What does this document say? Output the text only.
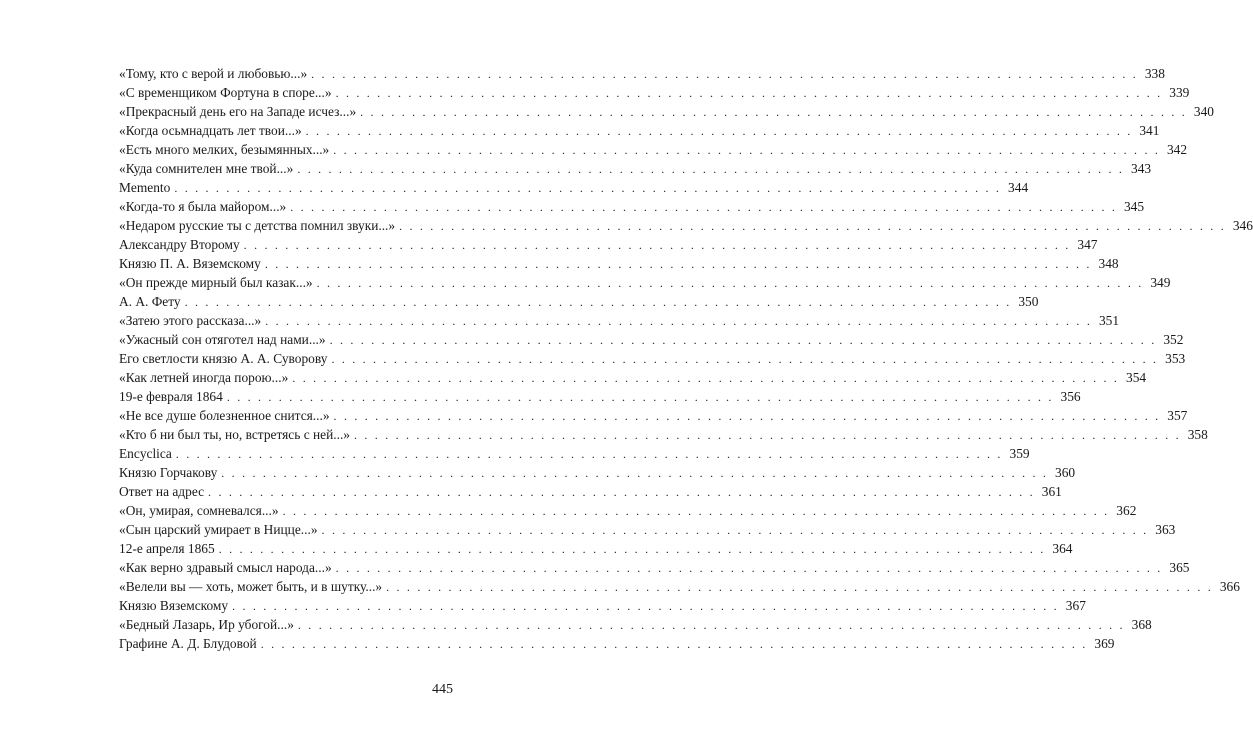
«Тому, кто с верой и любовью...» . . . . . . . . . . . . . . . . . . . . . . . . . . . . . . . . . . . . . . . . . . . . . . . . . . . . . . . . . . . . . . . . . . . . . . . . . . . . . . . . 338
«С временщиком Фортуна в споре...» . . . . . . . . . . . . . . . . . . . . . . . . . . . . . . . . . . . . . . . . . . . . . . . . . . . . . . . . . . . . . . . . . . . . . . . . . . . . . . . . 339
«Прекрасный день его на Западе исчез...» . . . . . . . . . . . . . . . . . . . . . . . . . . . . . . . . . . . . . . . . . . . . . . . . . . . . . . . . . . . . . . . . . . . . . . . . . . . . . . . . 340
«Когда осьмнадцать лет твои...» . . . . . . . . . . . . . . . . . . . . . . . . . . . . . . . . . . . . . . . . . . . . . . . . . . . . . . . . . . . . . . . . . . . . . . . . . . . . . . . . 341
«Есть много мелких, безымянных...» . . . . . . . . . . . . . . . . . . . . . . . . . . . . . . . . . . . . . . . . . . . . . . . . . . . . . . . . . . . . . . . . . . . . . . . . . . . . . . . . 342
«Куда сомнителен мне твой...» . . . . . . . . . . . . . . . . . . . . . . . . . . . . . . . . . . . . . . . . . . . . . . . . . . . . . . . . . . . . . . . . . . . . . . . . . . . . . . . . 343
Memento . . . . . . . . . . . . . . . . . . . . . . . . . . . . . . . . . . . . . . . . . . . . . . . . . . . . . . . . . . . . . . . . . . . . . . . . . . . . . . . . 344
«Когда-то я была майором...» . . . . . . . . . . . . . . . . . . . . . . . . . . . . . . . . . . . . . . . . . . . . . . . . . . . . . . . . . . . . . . . . . . . . . . . . . . . . . . . . 345
«Недаром русские ты с детства помнил звуки...» . . . . . . . . . . . . . . . . . . . . . . . . . . . . . . . . . . . . . . . . . . . . . . . . . . . . . . . . . . . . . . . . . . . . . . . . . . . . . . . . 346
Александру Второму . . . . . . . . . . . . . . . . . . . . . . . . . . . . . . . . . . . . . . . . . . . . . . . . . . . . . . . . . . . . . . . . . . . . . . . . . . . . . . . . 347
Князю П. А. Вяземскому . . . . . . . . . . . . . . . . . . . . . . . . . . . . . . . . . . . . . . . . . . . . . . . . . . . . . . . . . . . . . . . . . . . . . . . . . . . . . . . . 348
«Он прежде мирный был казак...» . . . . . . . . . . . . . . . . . . . . . . . . . . . . . . . . . . . . . . . . . . . . . . . . . . . . . . . . . . . . . . . . . . . . . . . . . . . . . . . . 349
А. А. Фету . . . . . . . . . . . . . . . . . . . . . . . . . . . . . . . . . . . . . . . . . . . . . . . . . . . . . . . . . . . . . . . . . . . . . . . . . . . . . . . . 350
«Затею этого рассказа...» . . . . . . . . . . . . . . . . . . . . . . . . . . . . . . . . . . . . . . . . . . . . . . . . . . . . . . . . . . . . . . . . . . . . . . . . . . . . . . . . 351
«Ужасный сон отяготел над нами...» . . . . . . . . . . . . . . . . . . . . . . . . . . . . . . . . . . . . . . . . . . . . . . . . . . . . . . . . . . . . . . . . . . . . . . . . . . . . . . . . 352
Его светлости князю А. А. Суворову . . . . . . . . . . . . . . . . . . . . . . . . . . . . . . . . . . . . . . . . . . . . . . . . . . . . . . . . . . . . . . . . . . . . . . . . . . . . . . . . 353
«Как летней иногда порою...» . . . . . . . . . . . . . . . . . . . . . . . . . . . . . . . . . . . . . . . . . . . . . . . . . . . . . . . . . . . . . . . . . . . . . . . . . . . . . . . . 354
19-е февраля 1864 . . . . . . . . . . . . . . . . . . . . . . . . . . . . . . . . . . . . . . . . . . . . . . . . . . . . . . . . . . . . . . . . . . . . . . . . . . . . . . . . 356
«Не все душе болезненное снится...» . . . . . . . . . . . . . . . . . . . . . . . . . . . . . . . . . . . . . . . . . . . . . . . . . . . . . . . . . . . . . . . . . . . . . . . . . . . . . . . . 357
«Кто б ни был ты, но, встретясь с ней...» . . . . . . . . . . . . . . . . . . . . . . . . . . . . . . . . . . . . . . . . . . . . . . . . . . . . . . . . . . . . . . . . . . . . . . . . . . . . . . . . 358
Encyclica . . . . . . . . . . . . . . . . . . . . . . . . . . . . . . . . . . . . . . . . . . . . . . . . . . . . . . . . . . . . . . . . . . . . . . . . . . . . . . . . 359
Князю Горчакову . . . . . . . . . . . . . . . . . . . . . . . . . . . . . . . . . . . . . . . . . . . . . . . . . . . . . . . . . . . . . . . . . . . . . . . . . . . . . . . . 360
Ответ на адрес . . . . . . . . . . . . . . . . . . . . . . . . . . . . . . . . . . . . . . . . . . . . . . . . . . . . . . . . . . . . . . . . . . . . . . . . . . . . . . . . 361
«Он, умирая, сомневался...» . . . . . . . . . . . . . . . . . . . . . . . . . . . . . . . . . . . . . . . . . . . . . . . . . . . . . . . . . . . . . . . . . . . . . . . . . . . . . . . . 362
«Сын царский умирает в Ницце...» . . . . . . . . . . . . . . . . . . . . . . . . . . . . . . . . . . . . . . . . . . . . . . . . . . . . . . . . . . . . . . . . . . . . . . . . . . . . . . . . 363
12-е апреля 1865 . . . . . . . . . . . . . . . . . . . . . . . . . . . . . . . . . . . . . . . . . . . . . . . . . . . . . . . . . . . . . . . . . . . . . . . . . . . . . . . . 364
«Как верно здравый смысл народа...» . . . . . . . . . . . . . . . . . . . . . . . . . . . . . . . . . . . . . . . . . . . . . . . . . . . . . . . . . . . . . . . . . . . . . . . . . . . . . . . . 365
«Велели вы — хоть, может быть, и в шутку...» . . . . . . . . . . . . . . . . . . . . . . . . . . . . . . . . . . . . . . . . . . . . . . . . . . . . . . . . . . . . . . . . . . . . . . . . . . . . . . . . 366
Князю Вяземскому . . . . . . . . . . . . . . . . . . . . . . . . . . . . . . . . . . . . . . . . . . . . . . . . . . . . . . . . . . . . . . . . . . . . . . . . . . . . . . . . 367
«Бедный Лазарь, Ир убогой...» . . . . . . . . . . . . . . . . . . . . . . . . . . . . . . . . . . . . . . . . . . . . . . . . . . . . . . . . . . . . . . . . . . . . . . . . . . . . . . . . 368
Графине А. Д. Блудовой . . . . . . . . . . . . . . . . . . . . . . . . . . . . . . . . . . . . . . . . . . . . . . . . . . . . . . . . . . . . . . . . . . . . . . . . . . . . . . . . 369
445
